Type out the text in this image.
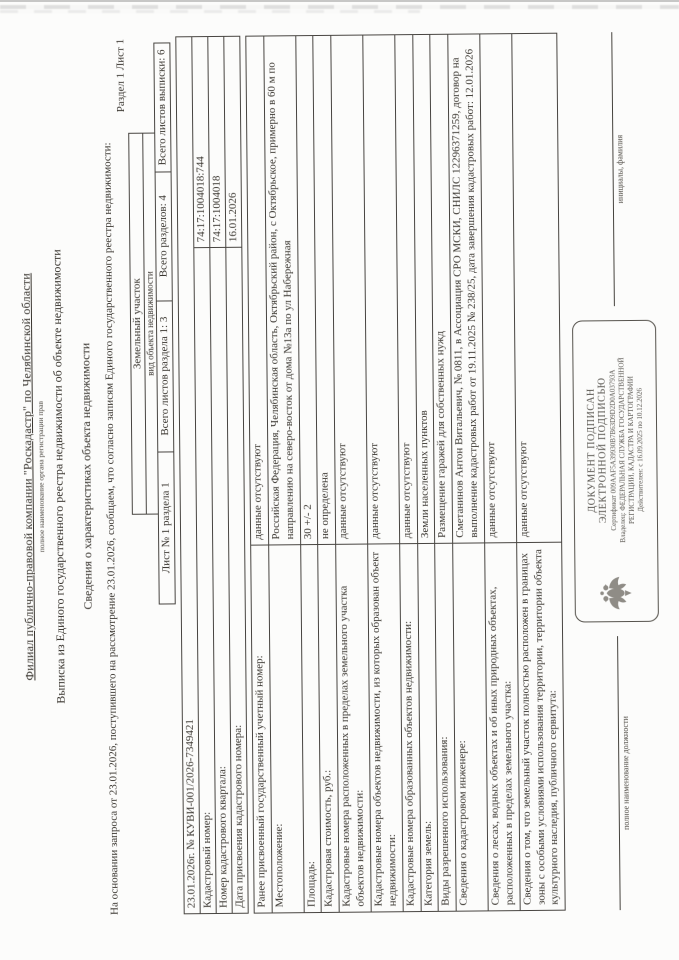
Филиал публично-правовой компании "Роскадастр" по Челябинской области полное наименование органа регистрации прав Выписка из Единого государственного реестра недвижимости об объекте недвижимости Сведения о характеристиках объекта недвижимости На основании запроса от 23.01.2026, поступившего на рассмотрение 23.01.2026, сообщаем, что согласно записям Единого государственного реестра недвижимости:
Раздел 1 Лист 1
Земельный участок вид объекта недвижимости
Лист № 1 раздела 1
Всего листов раздела 1: 3
Всего разделов: 4
Всего листов выписки: 6
23.01.2026г. № КУВИ-001/2026-7349421 Кадастровый номер:
74:17:1004018:744
Номер кадастрового квартала:
74:17:1004018
Дата присвоения кадастрового номера:
16.01.2026
Ранее присвоенный государственный учетный номер:
данные отсутствуют
Местоположение:
Российская Федерация, Челябинская область, Октябрьский район, с Октябрьское, примерно в 60 м по направлению на северо-восток от дома №13а по ул Набережная
Площадь:
30 +/- 2
Кадастровая стоимость, руб.:
не определена
Кадастровые номера расположенных в пределах земельного участка объектов недвижимости:
данные отсутствуют
Кадастровые номера объектов недвижимости, из которых образован объект недвижимости:
данные отсутствуют
Кадастровые номера образованных объектов недвижимости:
данные отсутствуют
Категория земель:
Земли населенных пунктов
Виды разрешенного использования:
Размещение гаражей для собственных нужд
Сведения о кадастровом инженере:
Сметанинов Антон Витальевич, № 0811, в Ассоциация СРО МСКИ, СНИЛС 12296371259, договор на выполнение кадастровых работ от 19.11.2025 № 238/25, дата завершения кадастровых работ: 12.01.2026
Сведения о лесах, водных объектах и об иных природных объектах, расположенных в пределах земельного участка:
данные отсутствуют
Сведения о том, что земельный участок полностью расположен в границах зоны с особыми условиями использования территории, территории объекта культурного наследия, публичного сервитута:
данные отсутствуют
полное наименование должности
ДОКУМЕНТ ПОДПИСАН
ЭЛЕКТРОННОЙ ПОДПИСЬЮ Сертификат 009AAF5A39930B7B63D9D2D0A03793A Владелец: ФЕДЕРАЛЬНАЯ СЛУЖБА ГОСУДАРСТВЕННОЙ РЕГИСТРАЦИИ, КАДАСТРА И КАРТОГРАФИИ Действителен: с 16.09.2025 по 10.12.2026
инициалы, фамилия
